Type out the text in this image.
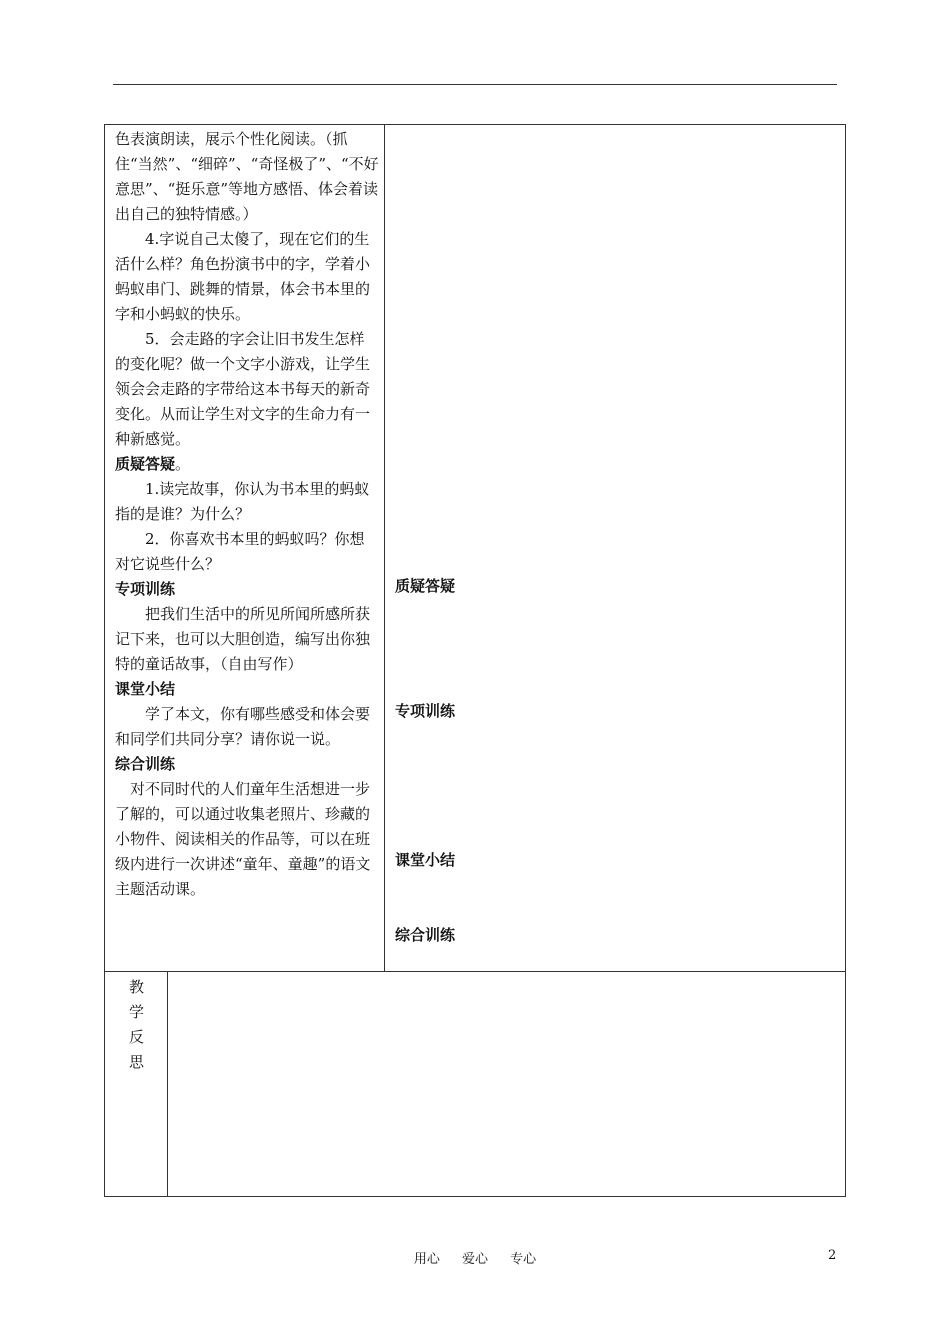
色表演朗读，展示个性化阅读。（抓住“当然”、“细碎”、“奇怪极了”、“不好意思”、“挺乐意”等地方感悟、体会着读出自己的独特情感。）

4.字说自己太傻了，现在它们的生活什么样？角色扮演书中的字，学着小蚂蚁串门、跳舞的情景，体会书本里的字和小蚂蚁的快乐。

5．会走路的字会让旧书发生怎样的变化呢？做一个文字小游戏，让学生领会会走路的字带给这本书每天的新奇变化。从而让学生对文字的生命力有一种新感觉。

质疑答疑。

1.读完故事，你认为书本里的蚂蚁指的是谁？为什么？

2．你喜欢书本里的蚂蚁吗？你想对它说些什么？

专项训练

把我们生活中的所见所闻所感所获记下来，也可以大胆创造，编写出你独特的童话故事，（自由写作）

课堂小结

学了本文，你有哪些感受和体会要和同学们共同分享？请你说一说。

综合训练

对不同时代的人们童年生活想进一步了解的，可以通过收集老照片、珍藏的小物件、阅读相关的作品等，可以在班级内进行一次讲述“童年、童趣”的语文主题活动课。

质疑答疑
专项训练
课堂小结
综合训练
教
学
反
思
用心 爱心 专心	2
